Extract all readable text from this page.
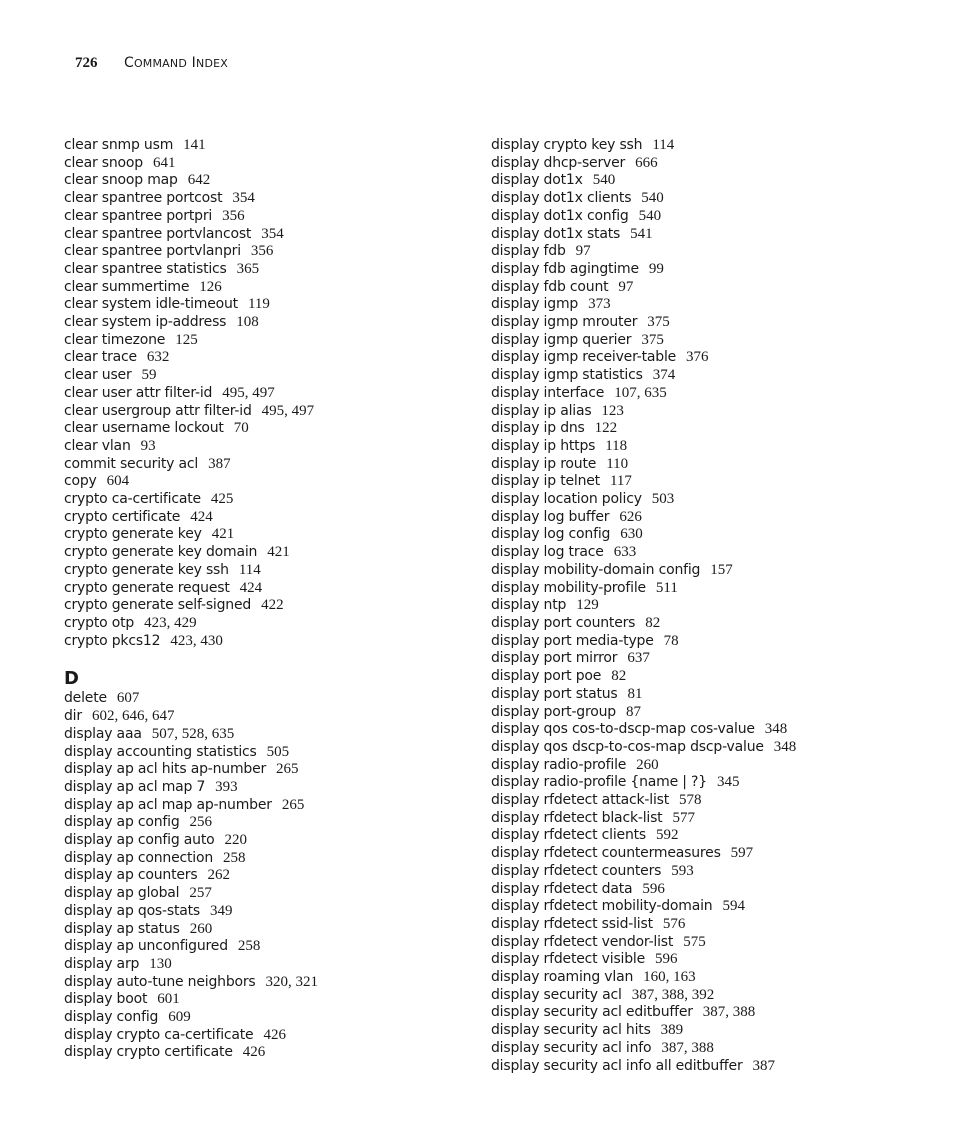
726 COMMAND INDEX
clear snmp usm 141
clear snoop 641
clear snoop map 642
clear spantree portcost 354
clear spantree portpri 356
clear spantree portvlancost 354
clear spantree portvlanpri 356
clear spantree statistics 365
clear summertime 126
clear system idle-timeout 119
clear system ip-address 108
clear timezone 125
clear trace 632
clear user 59
clear user attr filter-id 495, 497
clear usergroup attr filter-id 495, 497
clear username lockout 70
clear vlan 93
commit security acl 387
copy 604
crypto ca-certificate 425
crypto certificate 424
crypto generate key 421
crypto generate key domain 421
crypto generate key ssh 114
crypto generate request 424
crypto generate self-signed 422
crypto otp 423, 429
crypto pkcs12 423, 430
D
delete 607
dir 602, 646, 647
display aaa 507, 528, 635
display accounting statistics 505
display ap acl hits ap-number 265
display ap acl map 7 393
display ap acl map ap-number 265
display ap config 256
display ap config auto 220
display ap connection 258
display ap counters 262
display ap global 257
display ap qos-stats 349
display ap status 260
display ap unconfigured 258
display arp 130
display auto-tune neighbors 320, 321
display boot 601
display config 609
display crypto ca-certificate 426
display crypto certificate 426
display crypto key ssh 114
display dhcp-server 666
display dot1x 540
display dot1x clients 540
display dot1x config 540
display dot1x stats 541
display fdb 97
display fdb agingtime 99
display fdb count 97
display igmp 373
display igmp mrouter 375
display igmp querier 375
display igmp receiver-table 376
display igmp statistics 374
display interface 107, 635
display ip alias 123
display ip dns 122
display ip https 118
display ip route 110
display ip telnet 117
display location policy 503
display log buffer 626
display log config 630
display log trace 633
display mobility-domain config 157
display mobility-profile 511
display ntp 129
display port counters 82
display port media-type 78
display port mirror 637
display port poe 82
display port status 81
display port-group 87
display qos cos-to-dscp-map cos-value 348
display qos dscp-to-cos-map dscp-value 348
display radio-profile 260
display radio-profile {name | ?} 345
display rfdetect attack-list 578
display rfdetect black-list 577
display rfdetect clients 592
display rfdetect countermeasures 597
display rfdetect counters 593
display rfdetect data 596
display rfdetect mobility-domain 594
display rfdetect ssid-list 576
display rfdetect vendor-list 575
display rfdetect visible 596
display roaming vlan 160, 163
display security acl 387, 388, 392
display security acl editbuffer 387, 388
display security acl hits 389
display security acl info 387, 388
display security acl info all editbuffer 387
